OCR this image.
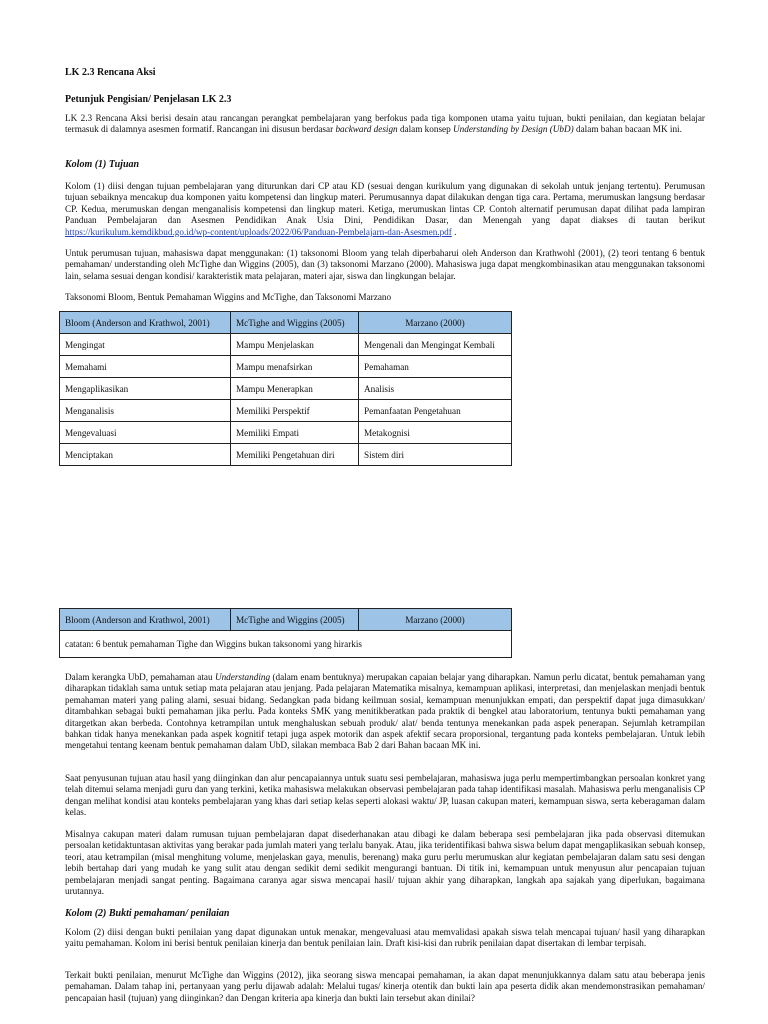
LK 2.3 Rencana Aksi
Petunjuk Pengisian/ Penjelasan LK 2.3

LK 2.3 Rencana Aksi berisi desain atau rancangan perangkat pembelajaran yang berfokus pada tiga komponen utama yaitu tujuan, bukti penilaian, dan kegiatan belajar termasuk di dalamnya asesmen formatif. Rancangan ini disusun berdasar backward design dalam konsep Understanding by Design (UbD) dalam bahan bacaan MK ini.

Kolom (1) Tujuan

Kolom (1) diisi dengan tujuan pembelajaran yang diturunkan dari CP atau KD (sesuai dengan kurikulum yang digunakan di sekolah untuk jenjang tertentu). Perumusan tujuan sebaiknya mencakup dua komponen yaitu kompetensi dan lingkup materi. Perumusannya dapat dilakukan dengan tiga cara. Pertama, merumuskan langsung berdasar CP. Kedua, merumuskan dengan menganalisis kompetensi dan lingkup materi. Ketiga, merumuskan lintas CP. Contoh alternatif perumusan dapat dilihat pada lampiran Panduan Pembelajaran dan Asesmen Pendidikan Anak Usia Dini, Pendidikan Dasar, dan Menengah yang dapat diakses di tautan berikut https://kurikulum.kemdikbud.go.id/wp-content/uploads/2022/06/Panduan-Pembelajarn-dan-Asesmen.pdf .

Untuk perumusan tujuan, mahasiswa dapat menggunakan: (1) taksonomi Bloom yang telah diperbaharui oleh Anderson dan Krathwohl (2001), (2) teori tentang 6 bentuk pemahaman/ understanding oleh McTighe dan Wiggins (2005), dan (3) taksonomi Marzano (2000). Mahasiswa juga dapat mengkombinasikan atau menggunakan taksonomi lain, selama sesuai dengan kondisi/ karakteristik mata pelajaran, materi ajar, siswa dan lingkungan belajar.

Taksonomi Bloom, Bentuk Pemahaman Wiggins and McTighe, dan Taksonomi Marzano
Bloom (Anderson and Krathwol, 2001)	McTighe and Wiggins (2005)	Marzano (2000)
Mengingat	Mampu Menjelaskan	Mengenali dan Mengingat Kembali
Memahami	Mampu menafsirkan	Pemahaman
Mengaplikasikan	Mampu Menerapkan	Analisis
Menganalisis	Memiliki Perspektif	Pemanfaatan Pengetahuan
Mengevaluasi	Memiliki Empati	Metakognisi
Menciptakan	Memiliki Pengetahuan diri	Sistem diri
Bloom (Anderson and Krathwol, 2001)	McTighe and Wiggins (2005)	Marzano (2000)
catatan: 6 bentuk pemahaman Tighe dan Wiggins bukan taksonomi yang hirarkis

Dalam kerangka UbD, pemahaman atau Understanding (dalam enam bentuknya) merupakan capaian belajar yang diharapkan. Namun perlu dicatat, bentuk pemahaman yang diharapkan tidaklah sama untuk setiap mata pelajaran atau jenjang. Pada pelajaran Matematika misalnya, kemampuan aplikasi, interpretasi, dan menjelaskan menjadi bentuk pemahaman materi yang paling alami, sesuai bidang. Sedangkan pada bidang keilmuan sosial, kemampuan menunjukkan empati, dan perspektif dapat juga dimasukkan/ ditambahkan sebagai bukti pemahaman jika perlu. Pada konteks SMK yang menitikberatkan pada praktik di bengkel atau laboratorium, tentunya bukti pemahaman yang ditargetkan akan berbeda. Contohnya ketrampilan untuk menghaluskan sebuah produk/ alat/ benda tentunya menekankan pada aspek penerapan. Sejumlah ketrampilan bahkan tidak hanya menekankan pada aspek kognitif tetapi juga aspek motorik dan aspek afektif secara proporsional, tergantung pada konteks pembelajaran. Untuk lebih mengetahui tentang keenam bentuk pemahaman dalam UbD, silakan membaca Bab 2 dari Bahan bacaan MK ini.

Saat penyusunan tujuan atau hasil yang diinginkan dan alur pencapaiannya untuk suatu sesi pembelajaran, mahasiswa juga perlu mempertimbangkan persoalan konkret yang telah ditemui selama menjadi guru dan yang terkini, ketika mahasiswa melakukan observasi pembelajaran pada tahap identifikasi masalah. Mahasiswa perlu menganalisis CP dengan melihat kondisi atau konteks pembelajaran yang khas dari setiap kelas seperti alokasi waktu/ JP, luasan cakupan materi, kemampuan siswa, serta keberagaman dalam kelas.

Misalnya cakupan materi dalam rumusan tujuan pembelajaran dapat disederhanakan atau dibagi ke dalam beberapa sesi pembelajaran jika pada observasi ditemukan persoalan ketidaktuntasan aktivitas yang berakar pada jumlah materi yang terlalu banyak. Atau, jika teridentifikasi bahwa siswa belum dapat mengaplikasikan sebuah konsep, teori, atau ketrampilan (misal menghitung volume, menjelaskan gaya, menulis, berenang) maka guru perlu merumuskan alur kegiatan pembelajaran dalam satu sesi dengan lebih bertahap dari yang mudah ke yang sulit atau dengan sedikit demi sedikit mengurangi bantuan. Di titik ini, kemampuan untuk menyusun alur pencapaian tujuan pembelajaran menjadi sangat penting. Bagaimana caranya agar siswa mencapai hasil/ tujuan akhir yang diharapkan, langkah apa sajakah yang diperlukan, bagaimana urutannya.

Kolom (2) Bukti pemahaman/ penilaian

Kolom (2) diisi dengan bukti penilaian yang dapat digunakan untuk menakar, mengevaluasi atau memvalidasi apakah siswa telah mencapai tujuan/ hasil yang diharapkan yaitu pemahaman. Kolom ini berisi bentuk penilaian kinerja dan bentuk penilaian lain. Draft kisi-kisi dan rubrik penilaian dapat disertakan di lembar terpisah.

Terkait bukti penilaian, menurut McTighe dan Wiggins (2012), jika seorang siswa mencapai pemahaman, ia akan dapat menunjukkannya dalam satu atau beberapa jenis pemahaman. Dalam tahap ini, pertanyaan yang perlu dijawab adalah: Melalui tugas/ kinerja otentik dan bukti lain apa peserta didik akan mendemonstrasikan pemahaman/ pencapaian hasil (tujuan) yang diinginkan? dan Dengan kriteria apa kinerja dan bukti lain tersebut akan dinilai?
